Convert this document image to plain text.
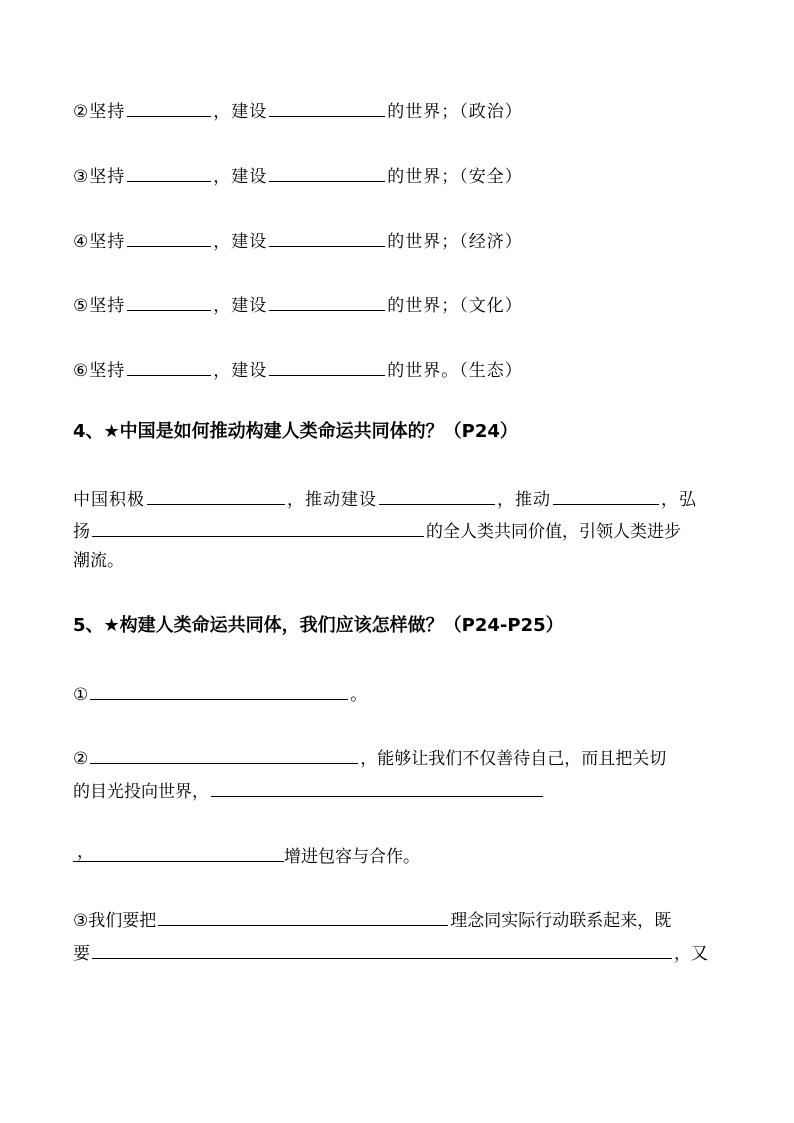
②坚持	，建设	的世界；（政治）
③坚持	，建设	的世界；（安全）
④坚持	，建设	的世界；（经济）
⑤坚持	，建设	的世界；（文化）
⑥坚持	，建设	的世界。（生态）
4、★中国是如何推动构建人类命运共同体的？（P24）
中国积极	，推动建设	，推动	，弘
扬	的全人类共同价值，引领人类进步
潮流。
5、★构建人类命运共同体，我们应该怎样做？（P24-P25）
①	。
②	，能够让我们不仅善待自己，而且把关切
的目光投向世界，
，	增进包容与合作。
③我们要把	理念同实际行动联系起来，既
要	，又
